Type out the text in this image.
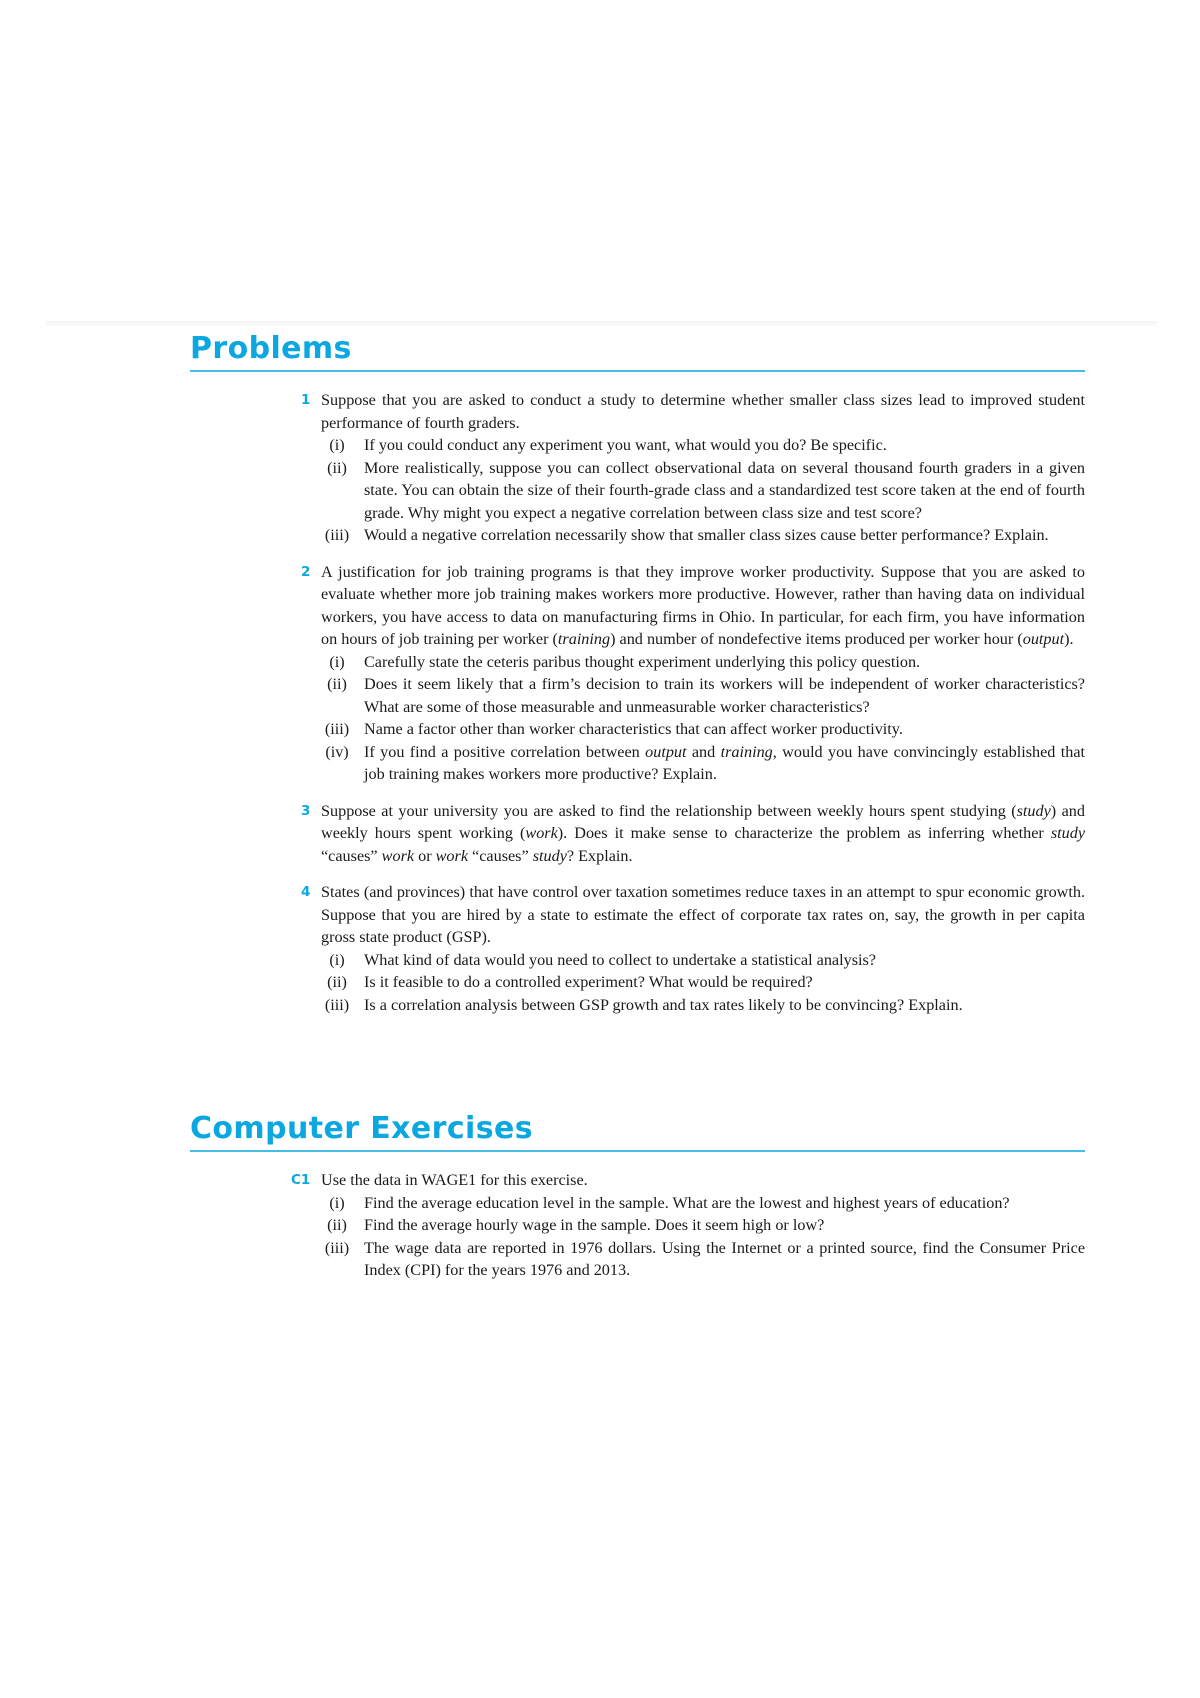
Problems
1 Suppose that you are asked to conduct a study to determine whether smaller class sizes lead to improved student performance of fourth graders.
(i)	If you could conduct any experiment you want, what would you do? Be specific.
(ii)	More realistically, suppose you can collect observational data on several thousand fourth graders in a given state. You can obtain the size of their fourth-grade class and a standardized test score taken at the end of fourth grade. Why might you expect a negative correlation between class size and test score?
(iii) Would a negative correlation necessarily show that smaller class sizes cause better performance? Explain.
2 A justification for job training programs is that they improve worker productivity. Suppose that you are asked to evaluate whether more job training makes workers more productive. However, rather than having data on individual workers, you have access to data on manufacturing firms in Ohio. In particular, for each firm, you have information on hours of job training per worker (training) and number of nondefective items produced per worker hour (output).
(i)	Carefully state the ceteris paribus thought experiment underlying this policy question.
(ii)	Does it seem likely that a firm’s decision to train its workers will be independent of worker characteristics? What are some of those measurable and unmeasurable worker characteristics?
(iii) Name a factor other than worker characteristics that can affect worker productivity.
(iv) If you find a positive correlation between output and training, would you have convincingly established that job training makes workers more productive? Explain.
3 Suppose at your university you are asked to find the relationship between weekly hours spent studying (study) and weekly hours spent working (work). Does it make sense to characterize the problem as inferring whether study “causes” work or work “causes” study? Explain.
4 States (and provinces) that have control over taxation sometimes reduce taxes in an attempt to spur economic growth. Suppose that you are hired by a state to estimate the effect of corporate tax rates on, say, the growth in per capita gross state product (GSP).
(i)	What kind of data would you need to collect to undertake a statistical analysis?
(ii)	Is it feasible to do a controlled experiment? What would be required?
(iii) Is a correlation analysis between GSP growth and tax rates likely to be convincing? Explain.
Computer Exercises
C1 Use the data in WAGE1 for this exercise.
(i)	Find the average education level in the sample. What are the lowest and highest years of education?
(ii)	Find the average hourly wage in the sample. Does it seem high or low?
(iii) The wage data are reported in 1976 dollars. Using the Internet or a printed source, find the Consumer Price Index (CPI) for the years 1976 and 2013.
